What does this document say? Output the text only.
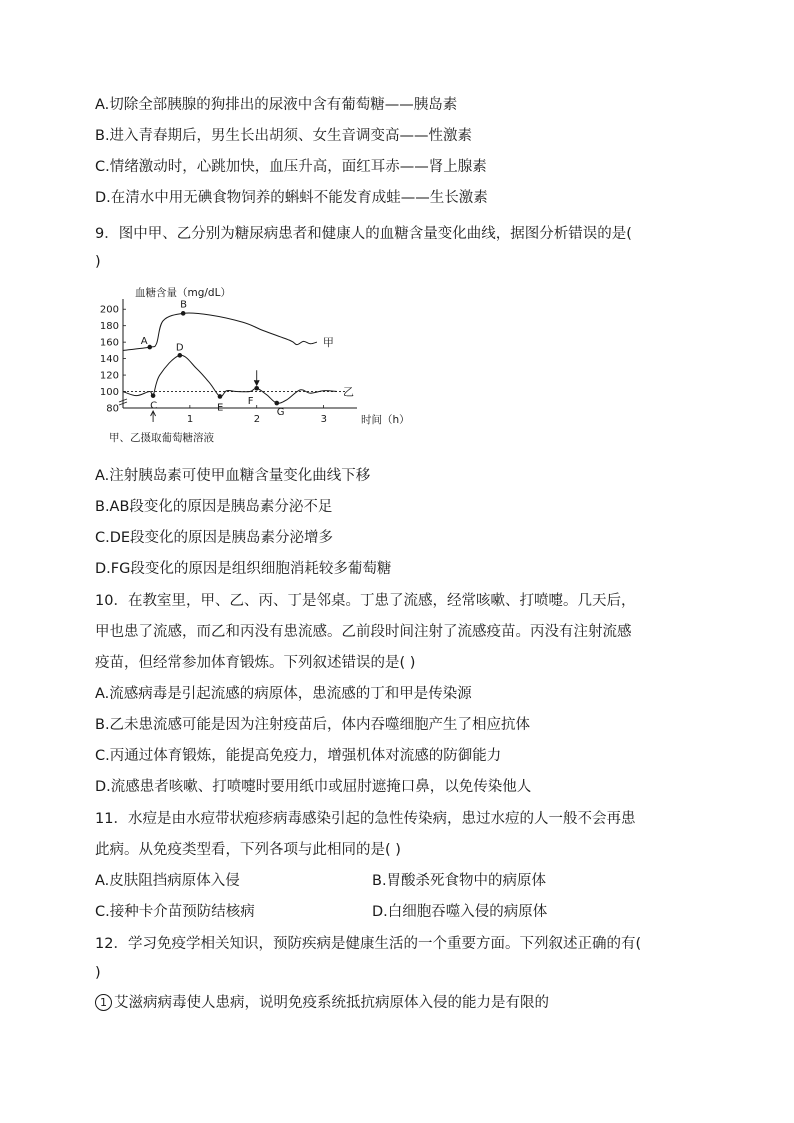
A.切除全部胰腺的狗排出的尿液中含有葡萄糖——胰岛素
B.进入青春期后，男生长出胡须、女生音调变高——性激素
C.情绪激动时，心跳加快，血压升高，面红耳赤——肾上腺素
D.在清水中用无碘食物饲养的蝌蚪不能发育成蛙——生长激素
9．图中甲、乙分别为糖尿病患者和健康人的血糖含量变化曲线，据图分析错误的是(
)
200
180
160
140
120
100
80
1	2	3	时间（h）
甲
乙
A
B
C
D
E
F
G
血糖含量（mg/dL）
甲、乙摄取葡萄糖溶液
A.注射胰岛素可使甲血糖含量变化曲线下移
B.AB段变化的原因是胰岛素分泌不足
C.DE段变化的原因是胰岛素分泌增多
D.FG段变化的原因是组织细胞消耗较多葡萄糖
10．在教室里，甲、乙、丙、丁是邻桌。丁患了流感，经常咳嗽、打喷嚏。几天后，
甲也患了流感，而乙和丙没有患流感。乙前段时间注射了流感疫苗。丙没有注射流感
疫苗，但经常参加体育锻炼。下列叙述错误的是( )
A.流感病毒是引起流感的病原体，患流感的丁和甲是传染源
B.乙未患流感可能是因为注射疫苗后，体内吞噬细胞产生了相应抗体
C.丙通过体育锻炼，能提高免疫力，增强机体对流感的防御能力
D.流感患者咳嗽、打喷嚏时要用纸巾或屈肘遮掩口鼻，以免传染他人
11．水痘是由水痘带状疱疹病毒感染引起的急性传染病，患过水痘的人一般不会再患
此病。从免疫类型看，下列各项与此相同的是( )
A.皮肤阻挡病原体入侵	B.胃酸杀死食物中的病原体
C.接种卡介苗预防结核病	D.白细胞吞噬入侵的病原体
12．学习免疫学相关知识，预防疾病是健康生活的一个重要方面。下列叙述正确的有(
)
1 艾滋病病毒使人患病，说明免疫系统抵抗病原体入侵的能力是有限的
